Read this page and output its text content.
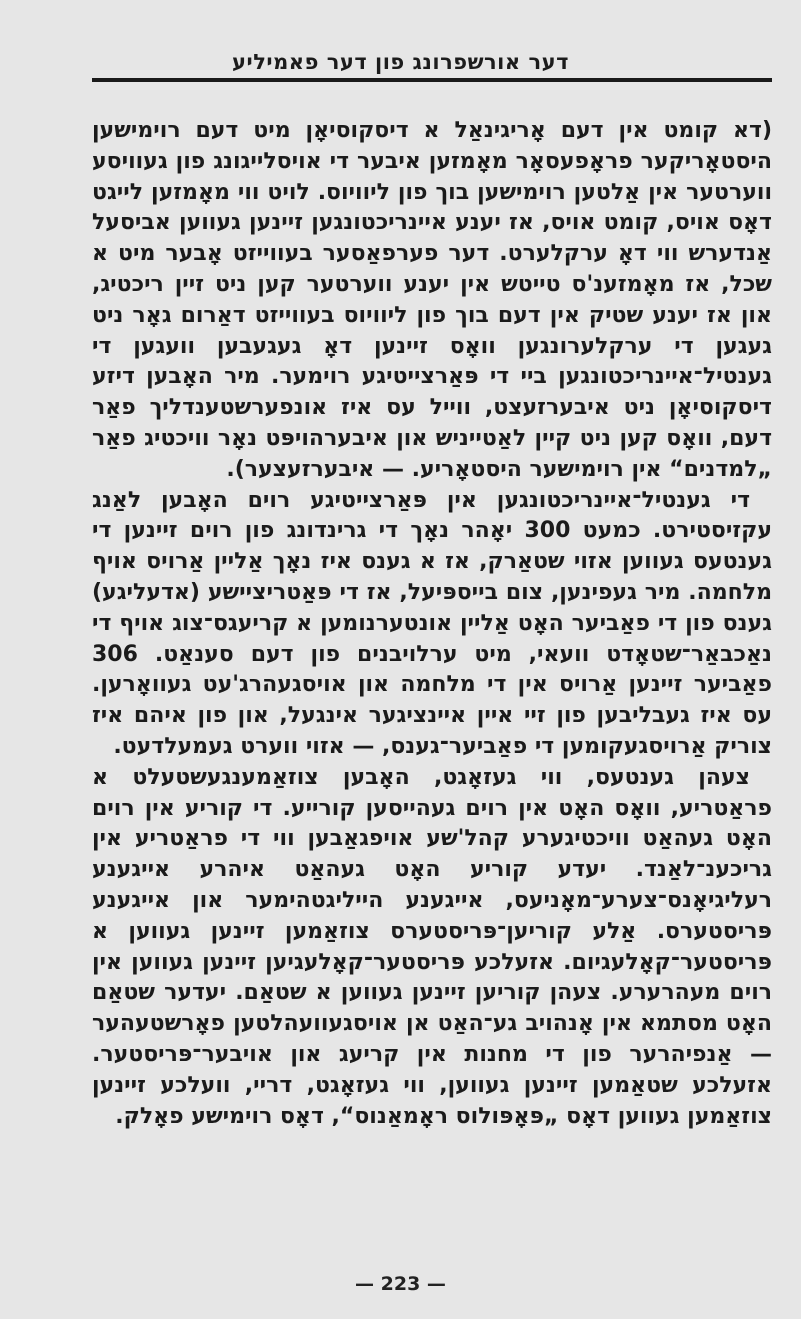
דער אורשפרונג פון דער פאמיליע

(דא קומט אין דעם אָריגינאַל א דיסקוסיאָן מיט דעם רוימישען היסטאָריקער פראָפעסאָר מאָמזען איבער די אויסלייגונג פון געוויסע ווערטער אין אַלטען רוימישען בוך פון ליוויוס. לויט ווי מאָמזען לייגט דאָס אויס, קומט אויס, אז יענע איינריכטונגען זיינען געווען אביסעל אַנדערש ווי דאָ ערקלערט. דער פערפאַסער בעווייזט אָבער מיט א שכל, אז מאָמזענ'ס טייטש אין יענע ווערטער קען ניט זיין ריכטיג, און אז יענע שטיק אין דעם בוך פון ליוויוס בעווייזט דאַרום גאָר ניט געגען די ערקלערונגען וואָס זיינען דאָ געגעבען וועגען די גענטיל־איינריכטונגען ביי די פּאַרצייטיגע רוימער. מיר האָבען דיזע דיסקוסיאָן ניט איבערזעצט, ווייל עס איז אונפערשטענדליך פאַר דעם, וואָס קען ניט קיין לאַטייניש און איבערהויפּט נאָר וויכטיג פאַר „למדנים“ אין רוימישער היסטאָריע. — איבערזעצער).

די גענטיל־איינריכטונגען אין פּאַרצייטיגע רוים האָבען לאַנג עקזיסטירט. כמעט 300 יאָהר נאָך די גרינדונג פון רוים זיינען די גענטעס געווען אזוי שטאַרק, אז א גענס איז נאָך אַליין אַרויס אויף מלחמה. מיר געפינען, צום בייספּיעל, אז די פּאַטריציישע (אדעליגע) גענס פון די פאַביער האָט אַליין אונטערנומען א קריעגס־צוג אויף די נאַכבאַר־שטאָדט וועאי, מיט ערלויבנים פון דעם סענאַט. 306 פאַביער זיינען אַרויס אין די מלחמה און אויסגעהרג'עט געוואָרען. עס איז געבליבען פון זיי איין איינציגער אינגעל, און פון איהם איז צוריק אַרויסגעקומען די פאַביער־גענס, — אזוי ווערט געמעלדעט.

צעהן גענטעס, ווי געזאָגט, האָבען צוזאַמענגעשטעלט א פראַטריע, וואָס האָט אין רוים געהייסען קורייע. די קוריע אין רוים האָט געהאַט וויכטיגערע קהל'שע אויפגאַבען ווי די פראַטריע אין גריכענ־לאַנד. יעדע קוריע האָט געהאַט איהרע אייגענע רעליגיאָנס־צערע־מאָניעס, אייגענע הייליגטהימער און אייגענע פּריסטערס. אַלע קוריען־פּריסטערס צוזאַמען זיינען געווען א פּריסטער־קאָלעגיום. אזעלכע פּריסטער־קאָלעגיען זיינען געווען אין רוים מעהרערע. צעהן קוריען זיינען געווען א שטאַם. יעדער שטאַם האָט מסתמא אין אָנהויב גע־האַט אן אויסגעוועהלטען פאָרשטעהער — אַנפיהרער פון די מחנות אין קריעג און אויבער־פּריסטער. אזעלכע שטאַמען זיינען געווען, ווי געזאָגט, דריי, וועלכע זיינען צוזאַמען געווען דאָס „פּאָפּולוס ראָמאַנוס“, דאָס רוימישע פאָלק.

— 223 —
